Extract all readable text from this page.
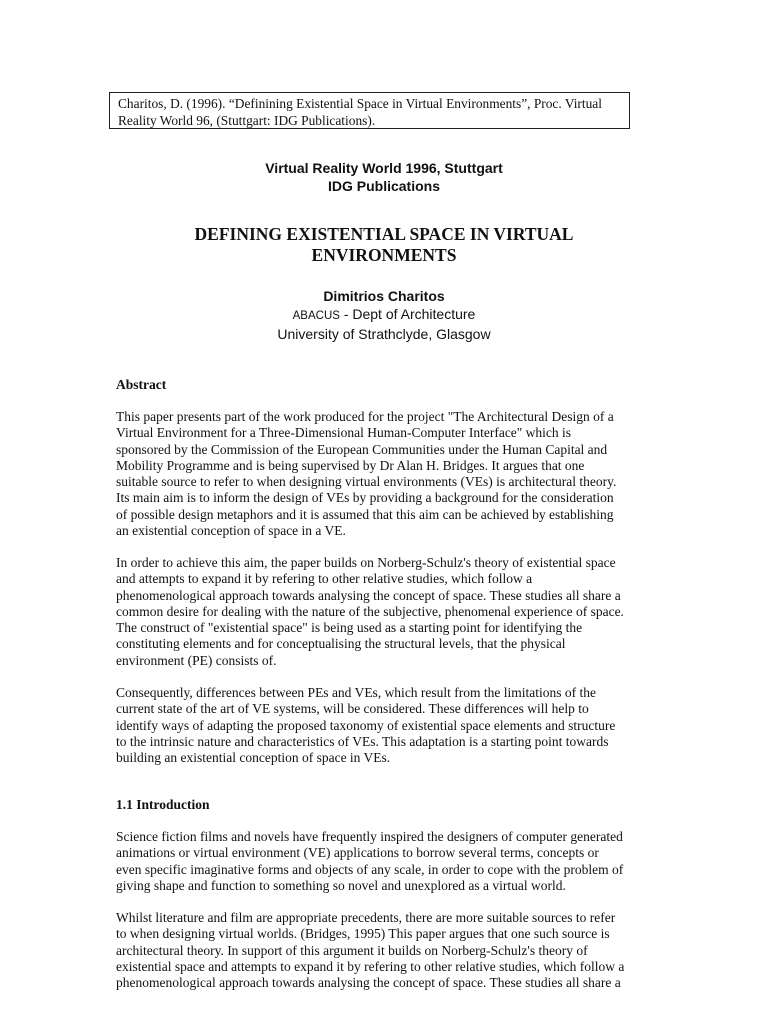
Charitos, D. (1996). “Definining Existential Space in Virtual Environments”, Proc. Virtual
Reality World 96, (Stuttgart: IDG Publications).
Virtual Reality World 1996, Stuttgart
IDG Publications
DEFINING EXISTENTIAL SPACE IN VIRTUAL
ENVIRONMENTS
Dimitrios Charitos
ABACUS - Dept of Architecture
University of Strathclyde, Glasgow
Abstract
This paper presents part of the work produced for the project "The Architectural Design of a
Virtual Environment for a Three-Dimensional Human-Computer Interface" which is
sponsored by the Commission of the European Communities under the Human Capital and
Mobility Programme and is being supervised by Dr Alan H. Bridges. It argues that one
suitable source to refer to when designing virtual environments (VEs) is architectural theory.
Its main aim is to inform the design of VEs by providing a background for the consideration
of possible design metaphors and it is assumed that this aim can be achieved by establishing
an existential conception of space in a VE.
In order to achieve this aim, the paper builds on Norberg-Schulz's theory of existential space
and attempts to expand it by refering to other relative studies, which follow a
phenomenological approach towards analysing the concept of space. These studies all share a
common desire for dealing with the nature of the subjective, phenomenal experience of space.
The construct of "existential space" is being used as a starting point for identifying the
constituting elements and for conceptualising the structural levels, that the physical
environment (PE) consists of.
Consequently, differences between PEs and VEs, which result from the limitations of the
current state of the art of VE systems, will be considered. These differences will help to
identify ways of adapting the proposed taxonomy of existential space elements and structure
to the intrinsic nature and characteristics of VEs. This adaptation is a starting point towards
building an existential conception of space in VEs.
1.1 Introduction
Science fiction films and novels have frequently inspired the designers of computer generated
animations or virtual environment (VE) applications to borrow several terms, concepts or
even specific imaginative forms and objects of any scale, in order to cope with the problem of
giving shape and function to something so novel and unexplored as a virtual world.
Whilst literature and film are appropriate precedents, there are more suitable sources to refer
to when designing virtual worlds. (Bridges, 1995) This paper argues that one such source is
architectural theory. In support of this argument it builds on Norberg-Schulz's theory of
existential space and attempts to expand it by refering to other relative studies, which follow a
phenomenological approach towards analysing the concept of space. These studies all share a
